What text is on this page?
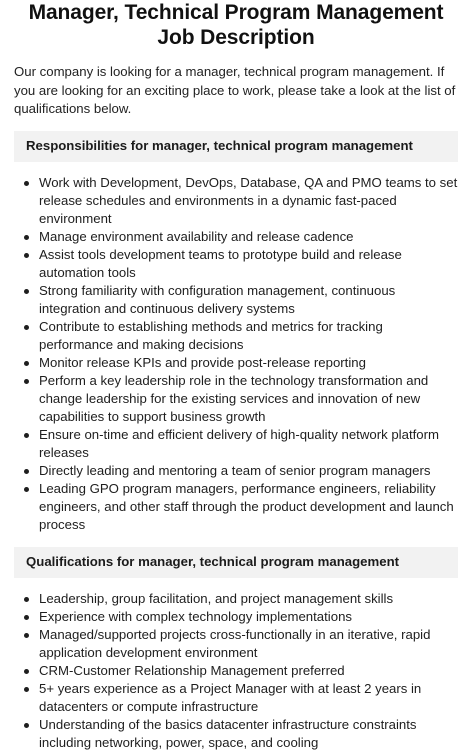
Manager, Technical Program Management Job Description

Our company is looking for a manager, technical program management. If you are looking for an exciting place to work, please take a look at the list of qualifications below.

Responsibilities for manager, technical program management
Work with Development, DevOps, Database, QA and PMO teams to set release schedules and environments in a dynamic fast-paced environment
Manage environment availability and release cadence
Assist tools development teams to prototype build and release automation tools
Strong familiarity with configuration management, continuous integration and continuous delivery systems
Contribute to establishing methods and metrics for tracking performance and making decisions
Monitor release KPIs and provide post-release reporting
Perform a key leadership role in the technology transformation and change leadership for the existing services and innovation of new capabilities to support business growth
Ensure on-time and efficient delivery of high-quality network platform releases
Directly leading and mentoring a team of senior program managers
Leading GPO program managers, performance engineers, reliability engineers, and other staff through the product development and launch process
Qualifications for manager, technical program management
Leadership, group facilitation, and project management skills
Experience with complex technology implementations
Managed/supported projects cross-functionally in an iterative, rapid application development environment
CRM-Customer Relationship Management preferred
5+ years experience as a Project Manager with at least 2 years in datacenters or compute infrastructure
Understanding of the basics datacenter infrastructure constraints including networking, power, space, and cooling
